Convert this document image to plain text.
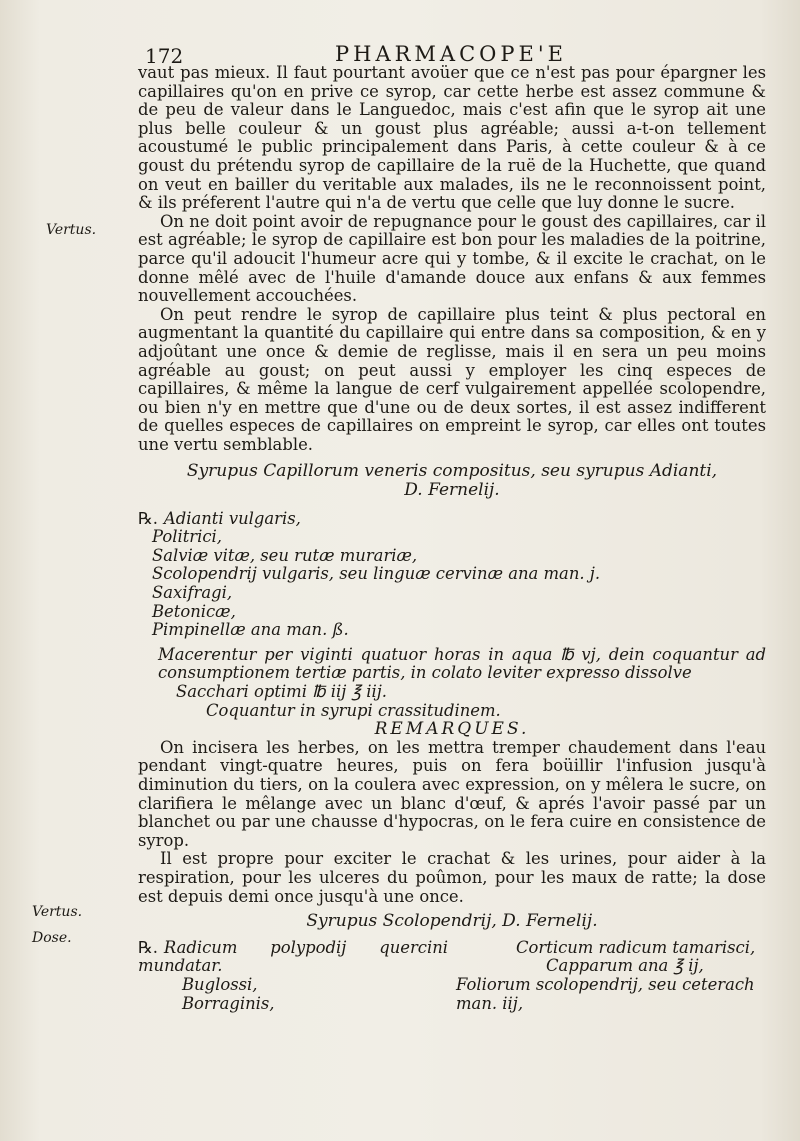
172	PHARMACOPE'E
Vertus.
Vertus.
Dose.

vaut pas mieux. Il faut pourtant avoüer que ce n'est pas pour épargner les capillaires qu'on en prive ce syrop, car cette herbe est assez commune & de peu de valeur dans le Languedoc, mais c'est afin que le syrop ait une plus belle couleur & un goust plus agréable; aussi a-t-on tellement acoustumé le public principalement dans Paris, à cette couleur & à ce goust du prétendu syrop de capillaire de la ruë de la Huchette, que quand on veut en bailler du veritable aux malades, ils ne le reconnoissent point, & ils préferent l'autre qui n'a de vertu que celle que luy donne le sucre.

On ne doit point avoir de repugnance pour le goust des capillaires, car il est agréable; le syrop de capillaire est bon pour les maladies de la poitrine, parce qu'il adoucit l'humeur acre qui y tombe, & il excite le crachat, on le donne mêlé avec de l'huile d'amande douce aux enfans & aux femmes nouvellement accouchées.

On peut rendre le syrop de capillaire plus teint & plus pectoral en augmentant la quantité du capillaire qui entre dans sa composition, & en y adjoûtant une once & demie de reglisse, mais il en sera un peu moins agréable au goust; on peut aussi y employer les cinq especes de capillaires, & même la langue de cerf vulgairement appellée scolopendre, ou bien n'y en mettre que d'une ou de deux sortes, il est assez indifferent de quelles especes de capillaires on empreint le syrop, car elles ont toutes une vertu semblable.

Syrupus Capillorum veneris compositus, seu syrupus Adianti,
D. Fernelij.
℞. Adianti vulgaris,
Politrici,
Salviæ vitæ, seu rutæ murariæ,
Scolopendrij vulgaris, seu linguæ cervinæ ana man. j.
Saxifragi,
Betonicæ,
Pimpinellæ ana man. ß.
Macerentur per viginti quatuor horas in aqua ℔ vj, dein coquantur ad consumptionem tertiæ partis, in colato leviter expresso dissolve
Sacchari optimi ℔ iij ℥ iij.
Coquantur in syrupi crassitudinem.
REMARQUES.

On incisera les herbes, on les mettra tremper chaudement dans l'eau pendant vingt-quatre heures, puis on fera boüillir l'infusion jusqu'à diminution du tiers, on la coulera avec expression, on y mêlera le sucre, on clarifiera le mêlange avec un blanc d'œuf, & aprés l'avoir passé par un blanchet ou par une chausse d'hypocras, on le fera cuire en consistence de syrop.

Il est propre pour exciter le crachat & les urines, pour aider à la respiration, pour les ulceres du poûmon, pour les maux de ratte; la dose est depuis demi once jusqu'à une once.

Syrupus Scolopendrij, D. Fernelij.
℞. Radicum polypodij quercini mundatar.
Buglossi,
Borraginis,
Corticum radicum tamarisci,
Capparum ana ℥ ij,
Foliorum scolopendrij, seu ceterach man. iij,
